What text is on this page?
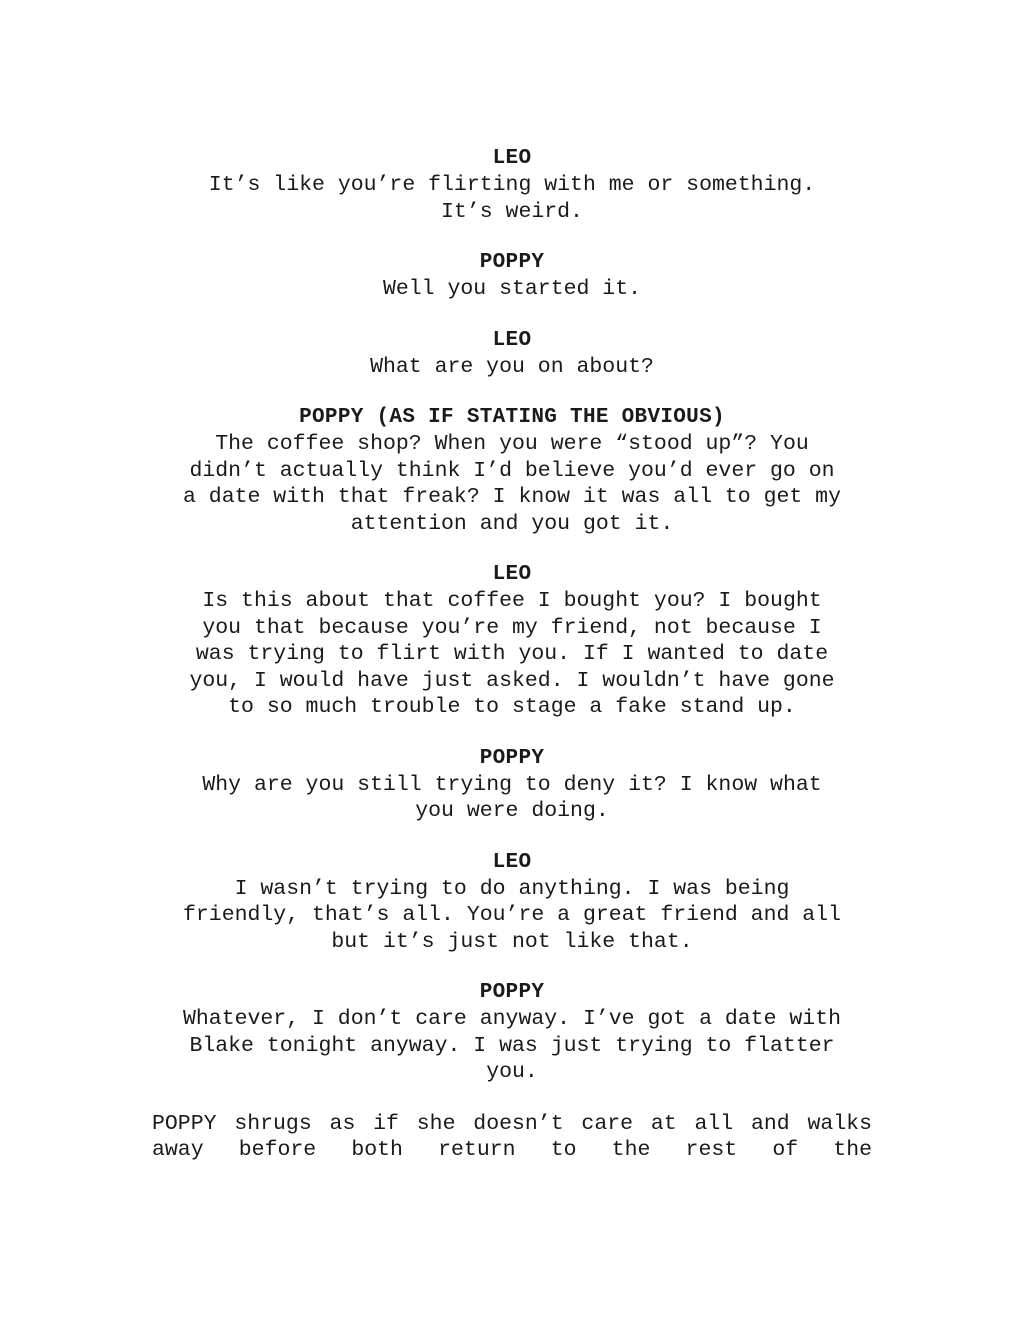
LEO
It’s like you’re flirting with me or something.
It’s weird.
POPPY
Well you started it.
LEO
What are you on about?
POPPY (AS IF STATING THE OBVIOUS)
The coffee shop? When you were “stood up”? You
didn’t actually think I’d believe you’d ever go on
a date with that freak? I know it was all to get my
attention and you got it.
LEO
Is this about that coffee I bought you? I bought
you that because you’re my friend, not because I
was trying to flirt with you. If I wanted to date
you, I would have just asked. I wouldn’t have gone
to so much trouble to stage a fake stand up.
POPPY
Why are you still trying to deny it? I know what
you were doing.
LEO
I wasn’t trying to do anything. I was being
friendly, that’s all. You’re a great friend and all
but it’s just not like that.
POPPY
Whatever, I don’t care anyway. I’ve got a date with
Blake tonight anyway. I was just trying to flatter
you.
POPPY shrugs as if she doesn’t care at all and walks away before both return to the rest of the
